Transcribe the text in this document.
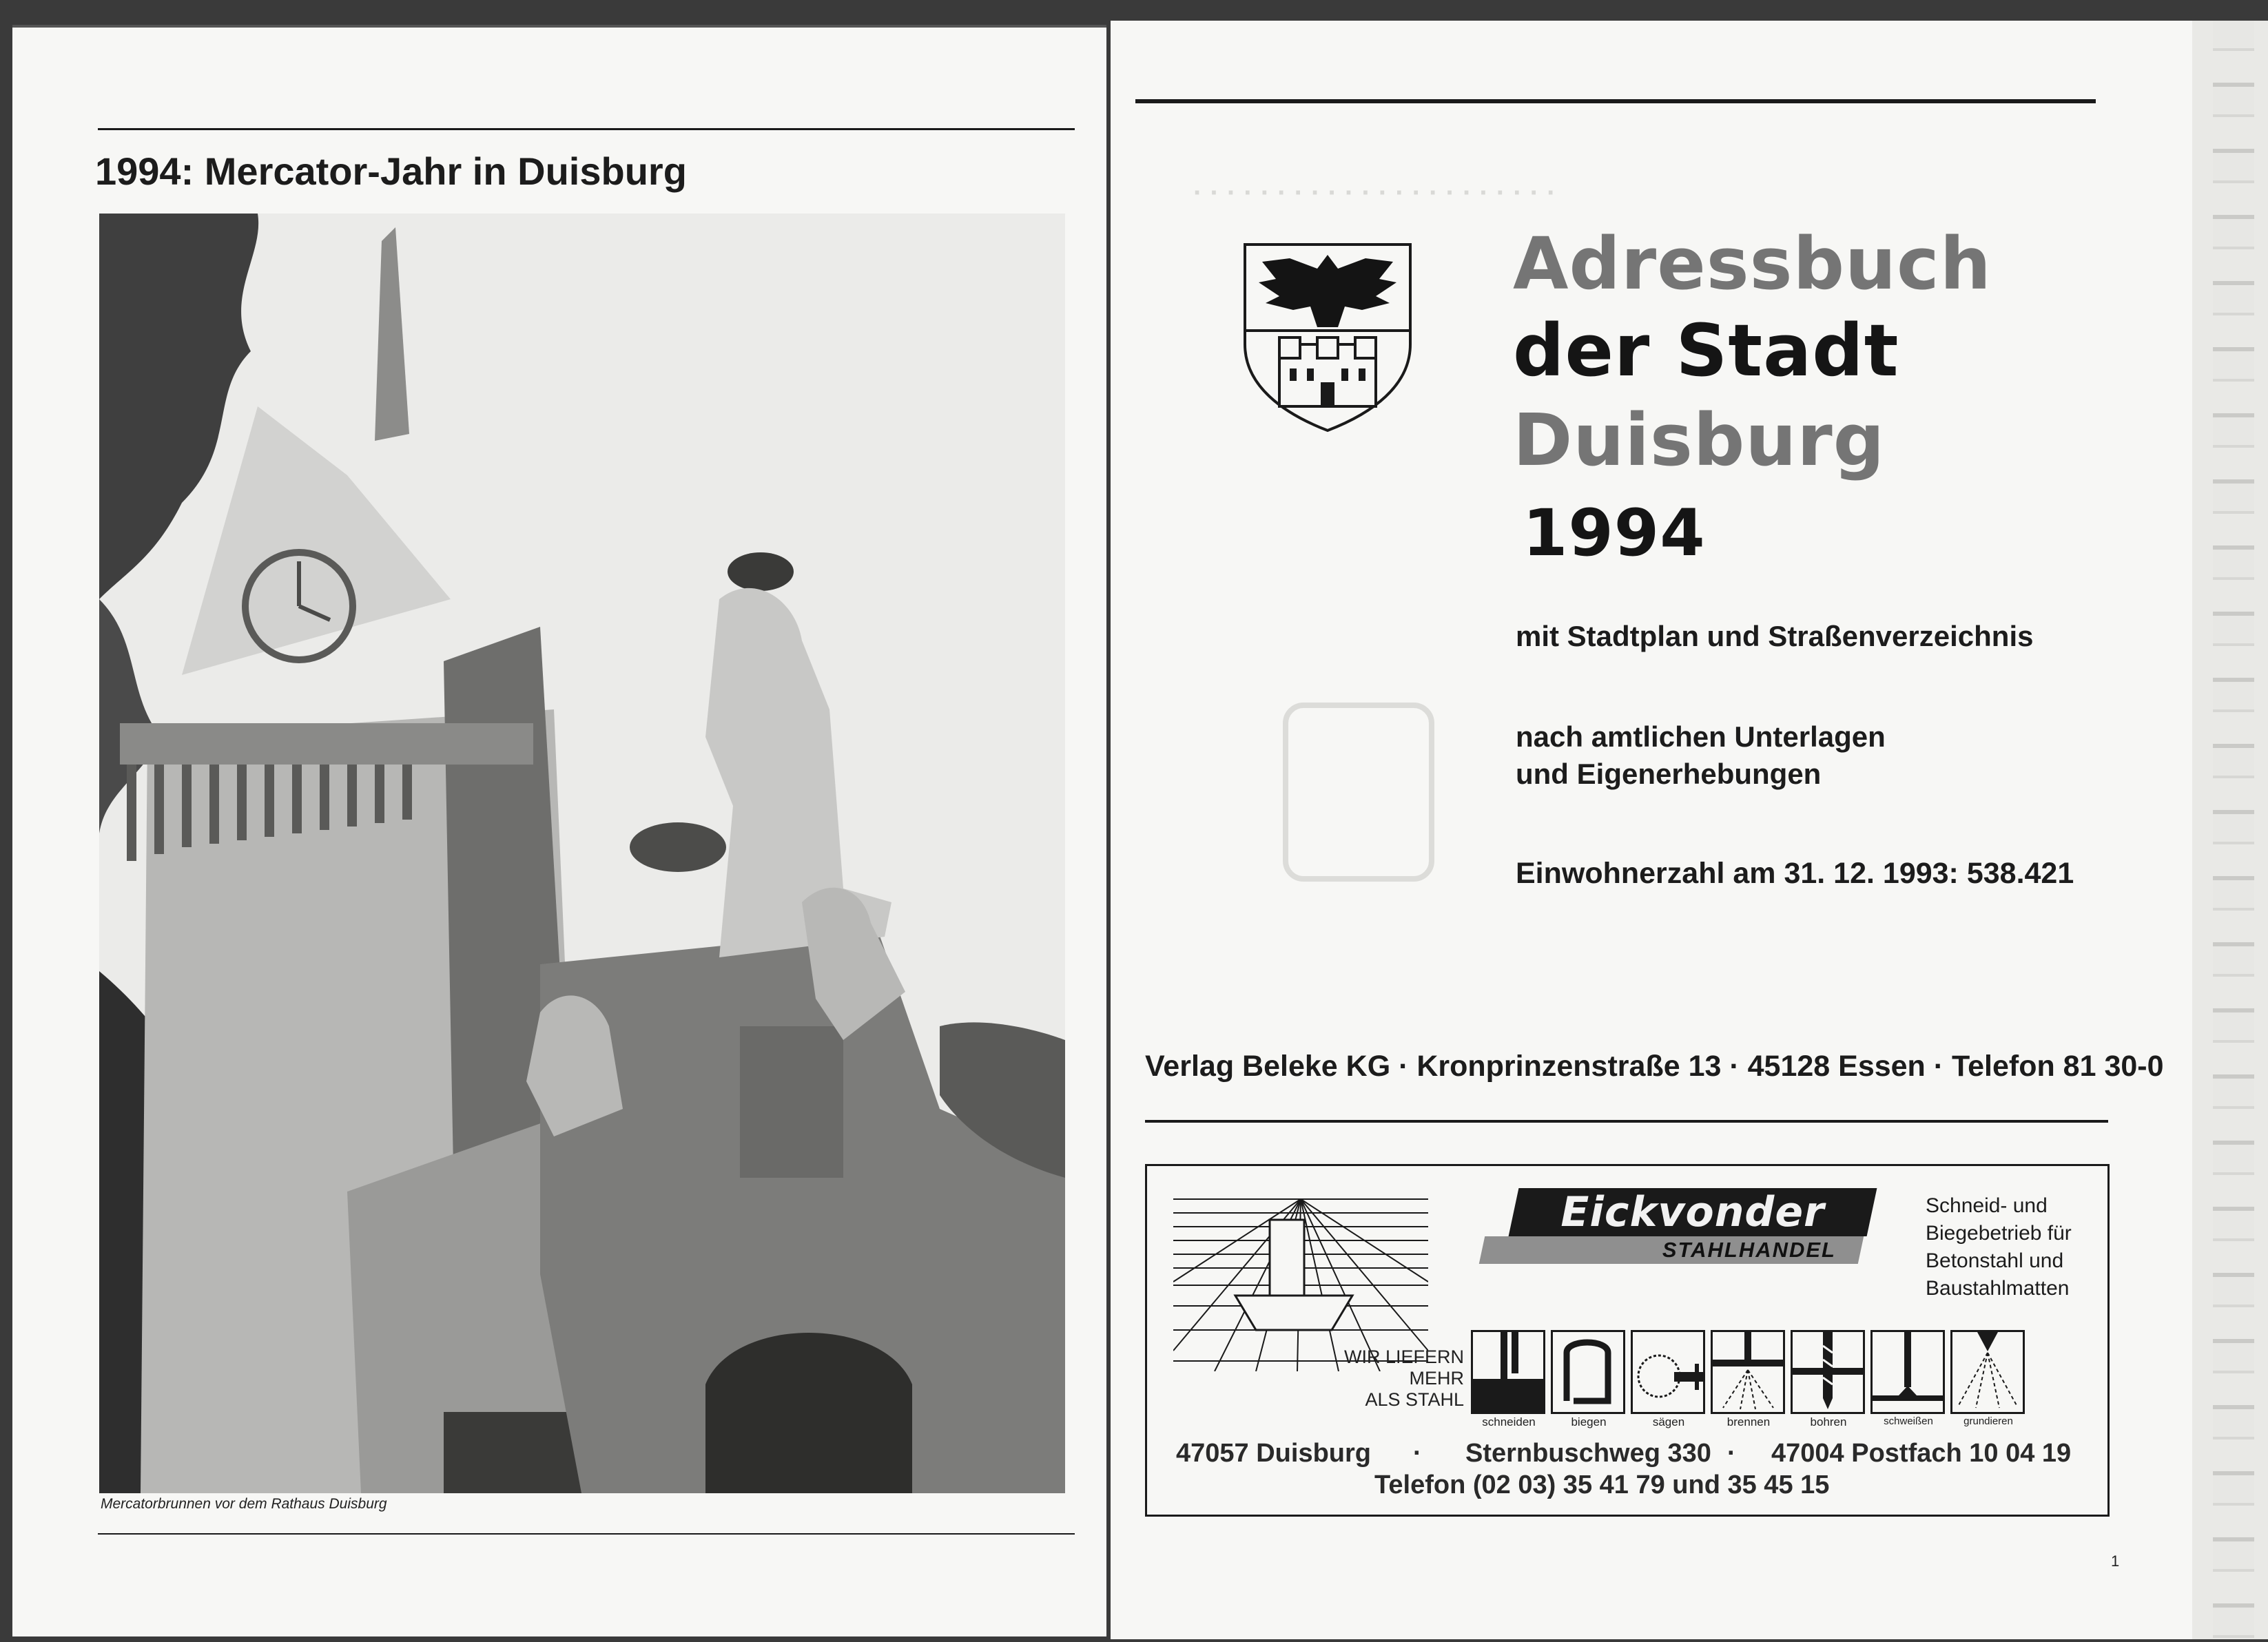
1994: Mercator-Jahr in Duisburg
Mercatorbrunnen vor dem Rathaus Duisburg
· · · · · · · · · · · · · · · · · · · · · ·
Adressbuch
der Stadt
Duisburg
1994
mit Stadtplan und Straßenverzeichnis
nach amtlichen Unterlagen
und Eigenerhebungen
Einwohnerzahl am 31. 12. 1993: 538.421
Verlag Beleke KG · Kronprinzenstraße 13 · 45128 Essen · Telefon 81 30-0
WIR LIEFERN
MEHR
ALS STAHL
Eickvonder
STAHLHANDEL
Schneid- und
Biegebetrieb für
Betonstahl und
Baustahlmatten
schneiden	biegen	sägen	brennen	bohren	schweißen	grundieren
47057 Duisburg · Sternbuschweg 330 · 47004 Postfach 10 04 19
Telefon (02 03) 35 41 79 und 35 45 15
1
